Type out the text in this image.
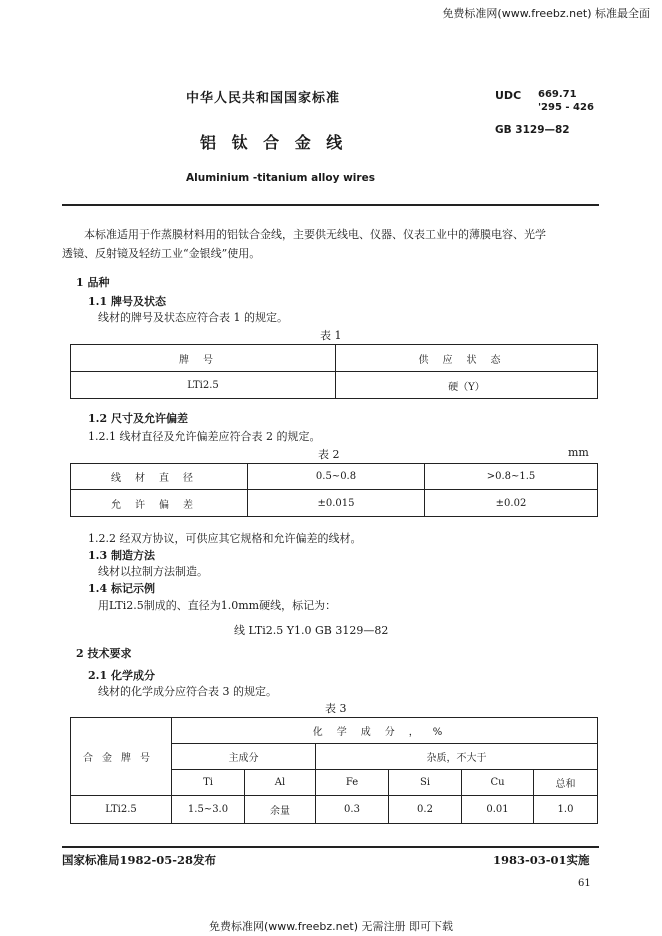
免费标准网(www.freebz.net) 标准最全面
免费标准网(www.freebz.net) 无需注册 即可下载
中华人民共和国国家标准
铝 钛 合 金 线
Aluminium -titanium alloy wires
UDC 669.71
'295 - 426
GB 3129—82
本标准适用于作蒸膜材料用的铝钛合金线，主要供无线电、仪器、仪表工业中的薄膜电容、光学
透镜、反射镜及轻纺工业“金银线”使用。
1 品种
1.1 牌号及状态
线材的牌号及状态应符合表 1 的规定。
表 1
牌号	供应状态
LTi2.5	硬（Y）
1.2 尺寸及允许偏差
1.2.1 线材直径及允许偏差应符合表 2 的规定。
表 2	mm
线材直径	0.5~0.8	>0.8~1.5
允许偏差	±0.015	±0.02
1.2.2 经双方协议，可供应其它规格和允许偏差的线材。
1.3 制造方法
线材以拉制方法制造。
1.4 标记示例
用LTi2.5制成的、直径为1.0mm硬线，标记为：
线 LTi2.5 Y1.0 GB 3129—82
2 技术要求
2.1 化学成分
线材的化学成分应符合表 3 的规定。
表 3
合金牌号	化学成分，%					
	主成分		杂质，不大于			
	Ti	Al	Fe	Si	Cu	总和
LTi2.5	1.5~3.0	余量	0.3	0.2	0.01	1.0
国家标准局1982-05-28发布	1983-03-01实施
61
